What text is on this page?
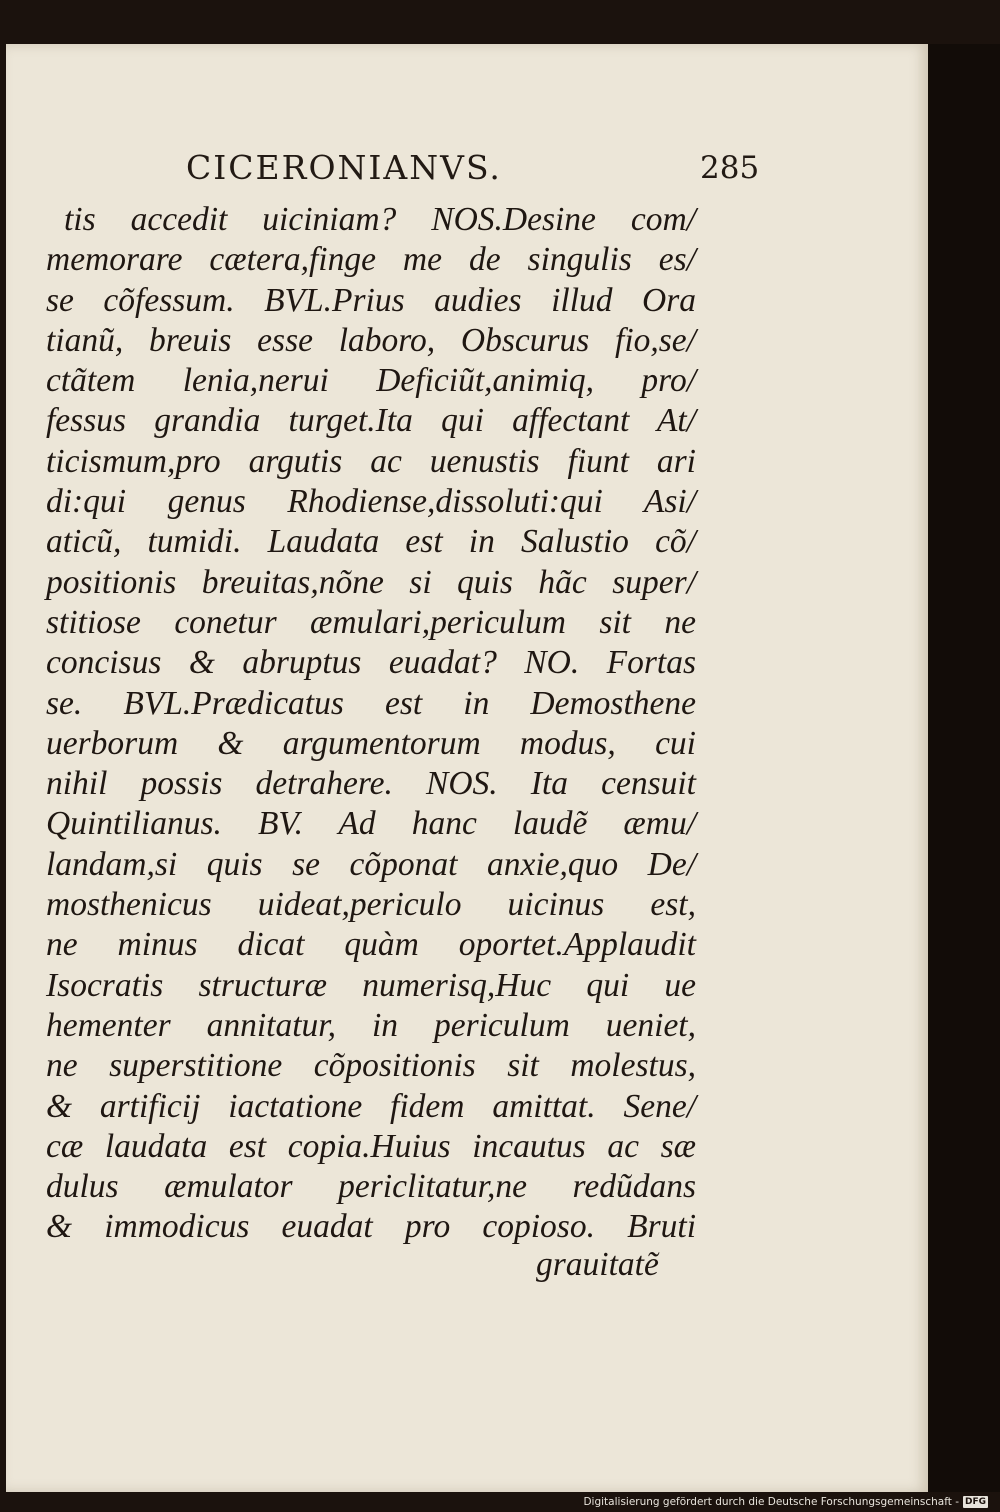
CICERONIANVS.	285
tis accedit uiciniam? NOS.Desine com/
memorare cætera,finge me de singulis es/
se cõfessum. BVL.Prius audies illud Ora
tianũ, breuis esse laboro, Obscurus fio,se/
ctãtem lenia,nerui Deficiũt,animiq, pro/
fessus grandia turget.Ita qui affectant At/
ticismum,pro argutis ac uenustis fiunt ari
di:qui genus Rhodiense,dissoluti:qui Asi/
aticũ, tumidi. Laudata est in Salustio cõ/
positionis breuitas,nõne si quis hãc super/
stitiose conetur æmulari,periculum sit ne
concisus & abruptus euadat? NO. Fortas
se. BVL.Prædicatus est in Demosthene
uerborum & argumentorum modus, cui
nihil possis detrahere. NOS. Ita censuit
Quintilianus. BV. Ad hanc laudẽ æmu/
landam,si quis se cõponat anxie,quo De/
mosthenicus uideat,periculo uicinus est,
ne minus dicat quàm oportet.Applaudit
Isocratis structuræ numerisq,Huc qui ue
hementer annitatur, in periculum ueniet,
ne superstitione cõpositionis sit molestus,
& artificij iactatione fidem amittat. Sene/
cæ laudata est copia.Huius incautus ac sæ
dulus æmulator periclitatur,ne redũdans
& immodicus euadat pro copioso. Bruti
grauitatẽ
Digitalisierung gefördert durch die Deutsche Forschungsgemeinschaft - DFG
